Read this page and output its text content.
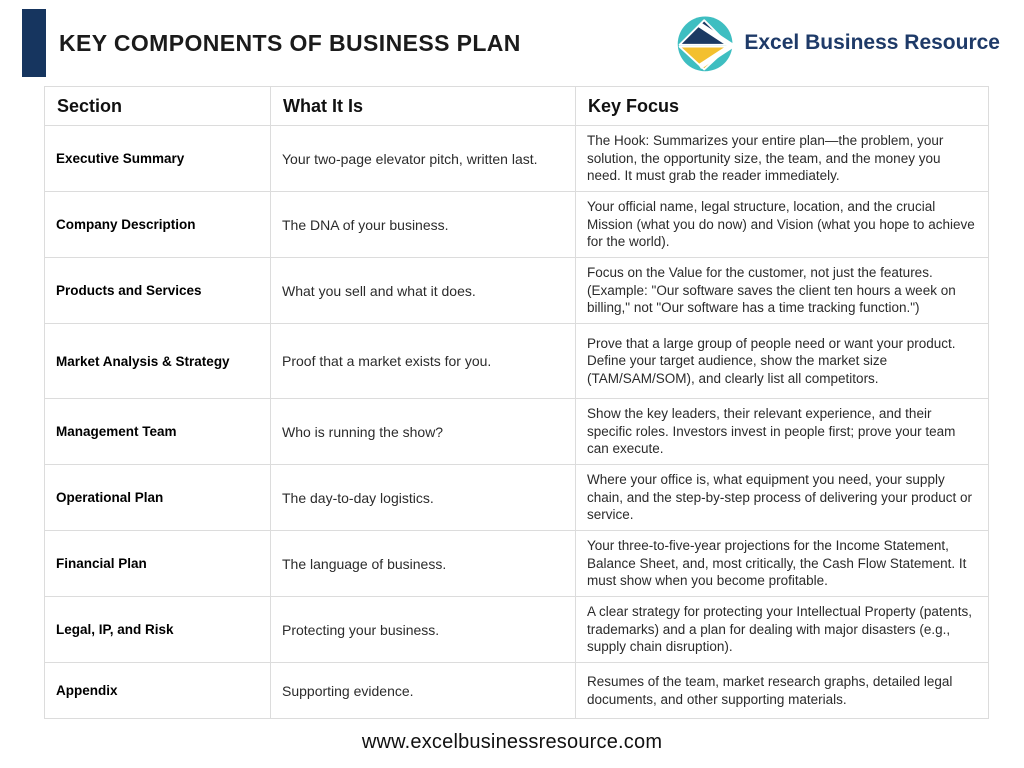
KEY COMPONENTS OF BUSINESS PLAN	Excel Business Resource
Section	What It Is	Key Focus
Executive Summary	Your two-page elevator pitch, written last.	The Hook: Summarizes your entire plan—the problem, your solution, the opportunity size, the team, and the money you need. It must grab the reader immediately.
Company Description	The DNA of your business.	Your official name, legal structure, location, and the crucial Mission (what you do now) and Vision (what you hope to achieve for the world).
Products and Services	What you sell and what it does.	Focus on the Value for the customer, not just the features. (Example: "Our software saves the client ten hours a week on billing," not "Our software has a time tracking function.")
Market Analysis & Strategy	Proof that a market exists for you.	Prove that a large group of people need or want your product. Define your target audience, show the market size (TAM/SAM/SOM), and clearly list all competitors.
Management Team	Who is running the show?	Show the key leaders, their relevant experience, and their specific roles. Investors invest in people first; prove your team can execute.
Operational Plan	The day-to-day logistics.	Where your office is, what equipment you need, your supply chain, and the step-by-step process of delivering your product or service.
Financial Plan	The language of business.	Your three-to-five-year projections for the Income Statement, Balance Sheet, and, most critically, the Cash Flow Statement. It must show when you become profitable.
Legal, IP, and Risk	Protecting your business.	A clear strategy for protecting your Intellectual Property (patents, trademarks) and a plan for dealing with major disasters (e.g., supply chain disruption).
Appendix	Supporting evidence.	Resumes of the team, market research graphs, detailed legal documents, and other supporting materials.
www.excelbusinessresource.com
